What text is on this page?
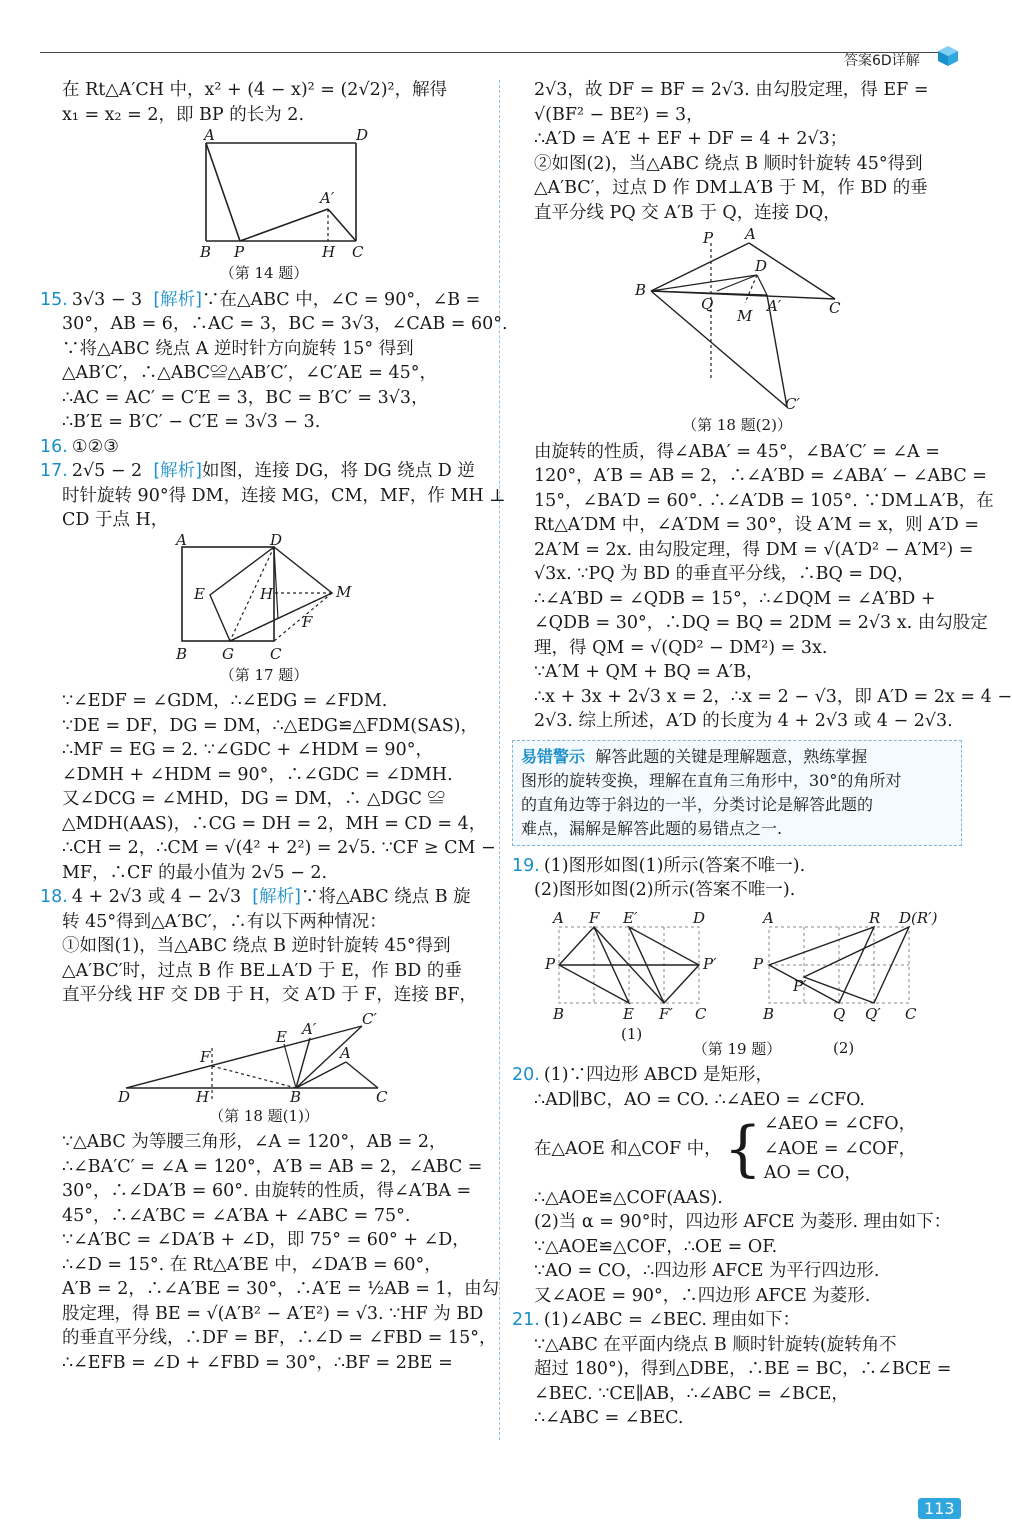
答案6D详解

在 Rt△A′CH 中，x² + (4 − x)² = (2√2)²，解得

x₁ = x₂ = 2，即 BP 的长为 2.

A	D
A′
B P	H C

（第 14 题）

15. 3√3 − 3 [解析]∵在△ABC 中，∠C = 90°，∠B =

30°，AB = 6，∴AC = 3，BC = 3√3，∠CAB = 60°.

∵将△ABC 绕点 A 逆时针方向旋转 15° 得到

△AB′C′，∴△ABC≌△AB′C′，∠C′AE = 45°，

∴AC = AC′ = C′E = 3，BC = B′C′ = 3√3，

∴B′E = B′C′ − C′E = 3√3 − 3.

16. ①②③

17. 2√5 − 2 [解析]如图，连接 DG，将 DG 绕点 D 逆

时针旋转 90°得 DM，连接 MG，CM，MF，作 MH ⊥

CD 于点 H，

A	D
E	H	M
F
B G C

（第 17 题）

∵∠EDF = ∠GDM，∴∠EDG = ∠FDM.

∵DE = DF，DG = DM，∴△EDG≌△FDM(SAS)，

∴MF = EG = 2. ∵∠GDC + ∠HDM = 90°，

∠DMH + ∠HDM = 90°，∴∠GDC = ∠DMH.

又∠DCG = ∠MHD，DG = DM，∴ △DGC ≌

△MDH(AAS)，∴CG = DH = 2，MH = CD = 4，

∴CH = 2，∴CM = √(4² + 2²) = 2√5. ∵CF ≥ CM −

MF，∴CF 的最小值为 2√5 − 2.

18. 4 + 2√3 或 4 − 2√3 [解析]∵将△ABC 绕点 B 旋

转 45°得到△A′BC′，∴有以下两种情况：

①如图(1)，当△ABC 绕点 B 逆时针旋转 45°得到

△A′BC′时，过点 B 作 BE⊥A′D 于 E，作 BD 的垂

直平分线 HF 交 DB 于 H，交 A′D 于 F，连接 BF，

C′
E A′
F	A
D	H	B	C

（第 18 题(1)）

∵△ABC 为等腰三角形，∠A = 120°，AB = 2，

∴∠BA′C′ = ∠A = 120°，A′B = AB = 2，∠ABC =

30°，∴∠DA′B = 60°. 由旋转的性质，得∠A′BA =

45°，∴∠A′BC = ∠A′BA + ∠ABC = 75°.

∵∠A′BC = ∠DA′B + ∠D，即 75° = 60° + ∠D，

∴∠D = 15°. 在 Rt△A′BE 中，∠DA′B = 60°，

A′B = 2，∴∠A′BE = 30°，∴A′E = ½AB = 1，由勾

股定理，得 BE = √(A′B² − A′E²) = √3. ∵HF 为 BD

的垂直平分线，∴DF = BF，∴∠D = ∠FBD = 15°，

∴∠EFB = ∠D + ∠FBD = 30°，∴BF = 2BE =

2√3，故 DF = BF = 2√3. 由勾股定理，得 EF =

√(BF² − BE²) = 3，

∴A′D = A′E + EF + DF = 4 + 2√3；

②如图(2)，当△ABC 绕点 B 顺时针旋转 45°得到

△A′BC′，过点 D 作 DM⊥A′B 于 M，作 BD 的垂

直平分线 PQ 交 A′B 于 Q，连接 DQ，

P A
B
D
C
Q	A′
M
C′

（第 18 题(2)）

由旋转的性质，得∠ABA′ = 45°，∠BA′C′ = ∠A =

120°，A′B = AB = 2，∴∠A′BD = ∠ABA′ − ∠ABC =

15°，∠BA′D = 60°. ∴∠A′DB = 105°. ∵DM⊥A′B，在

Rt△A′DM 中，∠A′DM = 30°，设 A′M = x，则 A′D =

2A′M = 2x. 由勾股定理，得 DM = √(A′D² − A′M²) =

√3x. ∵PQ 为 BD 的垂直平分线，∴BQ = DQ，

∴∠A′BD = ∠QDB = 15°，∴∠DQM = ∠A′BD +

∠QDB = 30°，∴DQ = BQ = 2DM = 2√3 x. 由勾股定

理，得 QM = √(QD² − DM²) = 3x.

∵A′M + QM + BQ = A′B，

∴x + 3x + 2√3 x = 2，∴x = 2 − √3，即 A′D = 2x = 4 −

2√3. 综上所述，A′D 的长度为 4 + 2√3 或 4 − 2√3.

易错警示 解答此题的关键是理解题意，熟练掌握
图形的旋转变换，理解在直角三角形中，30°的角所对
的直角边等于斜边的一半，分类讨论是解答此题的
难点，漏解是解答此题的易错点之一.

19. (1)图形如图(1)所示(答案不唯一).

(2)图形如图(2)所示(答案不唯一).

A F E′	D
P	P′
B	E F′ C
(1)
A	R D(R′)
P
P′
B	Q Q′ C
(2)

（第 19 题）

20. (1)∵四边形 ABCD 是矩形，

∴AD∥BC，AO = CO. ∴∠AEO = ∠CFO.

在△AOE 和△COF 中， { ∠AEO = ∠CFO，
∠AOE = ∠COF，
AO = CO，

∴△AOE≌△COF(AAS).

(2)当 α = 90°时，四边形 AFCE 为菱形. 理由如下：

∵△AOE≌△COF，∴OE = OF.

∵AO = CO，∴四边形 AFCE 为平行四边形.

又∠AOE = 90°，∴四边形 AFCE 为菱形.

21. (1)∠ABC = ∠BEC. 理由如下：

∵△ABC 在平面内绕点 B 顺时针旋转(旋转角不

超过 180°)，得到△DBE，∴BE = BC，∴∠BCE =

∠BEC. ∵CE∥AB，∴∠ABC = ∠BCE，

∴∠ABC = ∠BEC.

113
